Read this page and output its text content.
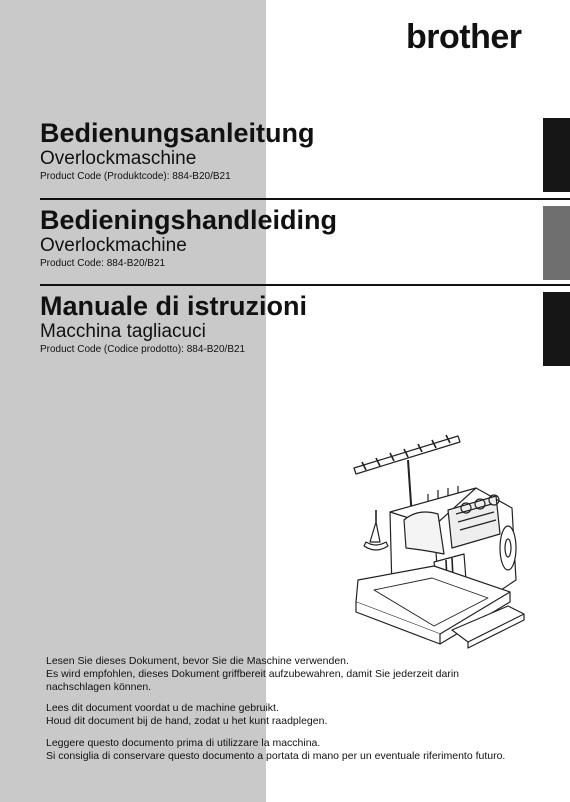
brother
Bedienungsanleitung
Overlockmaschine
Product Code (Produktcode): 884-B20/B21
Bedieningshandleiding
Overlockmachine
Product Code: 884-B20/B21
Manuale di istruzioni
Macchina tagliacuci
Product Code (Codice prodotto): 884-B20/B21
Lesen Sie dieses Dokument, bevor Sie die Maschine verwenden.
Es wird empfohlen, dieses Dokument griffbereit aufzubewahren, damit Sie jederzeit darin
nachschlagen können.
Lees dit document voordat u de machine gebruikt.
Houd dit document bij de hand, zodat u het kunt raadplegen.
Leggere questo documento prima di utilizzare la macchina.
Si consiglia di conservare questo documento a portata di mano per un eventuale riferimento futuro.
